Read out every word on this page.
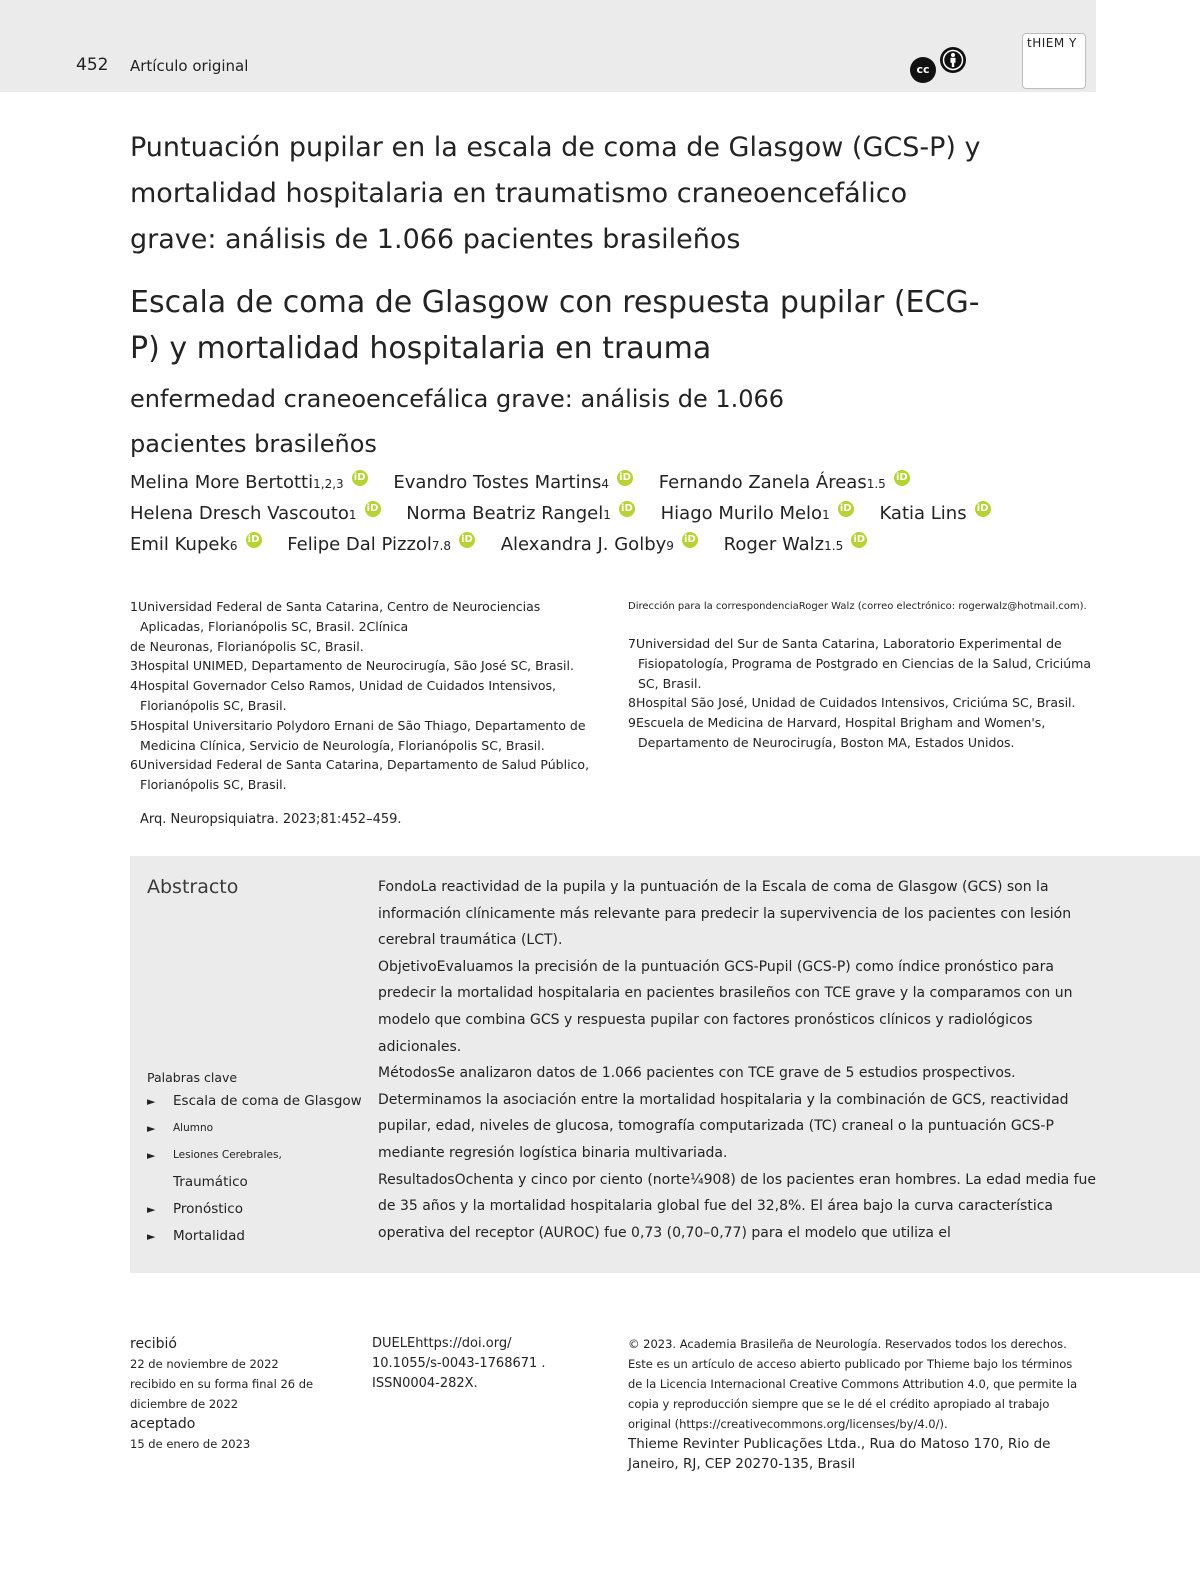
452 Artículo original	cc
tHIEM Y
Puntuación pupilar en la escala de coma de Glasgow (GCS-P) y mortalidad hospitalaria en traumatismo craneoencefálico grave: análisis de 1.066 pacientes brasileños
Escala de coma de Glasgow con respuesta pupilar (ECG-P) y mortalidad hospitalaria en trauma
enfermedad craneoencefálica grave: análisis de 1.066 pacientes brasileños
Melina More Bertotti1,2,3 iD Evandro Tostes Martins4 iD Fernando Zanela Áreas1.5 iD
Helena Dresch Vascouto1 iD Norma Beatriz Rangel1 iD Hiago Murilo Melo1 iD Katia Lins iD
Emil Kupek6 iD Felipe Dal Pizzol7.8 iD Alexandra J. Golby9 iD Roger Walz1.5 iD
1Universidad Federal de Santa Catarina, Centro de Neurociencias Aplicadas, Florianópolis SC, Brasil. 2Clínica
de Neuronas, Florianópolis SC, Brasil.
3Hospital UNIMED, Departamento de Neurocirugía, São José SC, Brasil.
4Hospital Governador Celso Ramos, Unidad de Cuidados Intensivos, Florianópolis SC, Brasil.
5Hospital Universitario Polydoro Ernani de São Thiago, Departamento de Medicina Clínica, Servicio de Neurología, Florianópolis SC, Brasil.
6Universidad Federal de Santa Catarina, Departamento de Salud Público, Florianópolis SC, Brasil.
Dirección para la correspondenciaRoger Walz (correo electrónico: rogerwalz@hotmail.com).
7Universidad del Sur de Santa Catarina, Laboratorio Experimental de Fisiopatología, Programa de Postgrado en Ciencias de la Salud, Criciúma SC, Brasil.
8Hospital São José, Unidad de Cuidados Intensivos, Criciúma SC, Brasil.
9Escuela de Medicina de Harvard, Hospital Brigham and Women's, Departamento de Neurocirugía, Boston MA, Estados Unidos.
Arq. Neuropsiquiatra. 2023;81:452–459.
Abstracto	FondoLa reactividad de la pupila y la puntuación de la Escala de coma de Glasgow (GCS) son la información clínicamente más relevante para predecir la supervivencia de los pacientes con lesión cerebral traumática (LCT).

ObjetivoEvaluamos la precisión de la puntuación GCS-Pupil (GCS-P) como índice pronóstico para predecir la mortalidad hospitalaria en pacientes brasileños con TCE grave y la comparamos con un modelo que combina GCS y respuesta pupilar con factores pronósticos clínicos y radiológicos adicionales.

MétodosSe analizaron datos de 1.066 pacientes con TCE grave de 5 estudios prospectivos. Determinamos la asociación entre la mortalidad hospitalaria y la combinación de GCS, reactividad pupilar, edad, niveles de glucosa, tomografía computarizada (TC) craneal o la puntuación GCS-P mediante regresión logística binaria multivariada.

ResultadosOchenta y cinco por ciento (norte¼908) de los pacientes eran hombres. La edad media fue de 35 años y la mortalidad hospitalaria global fue del 32,8%. El área bajo la curva característica operativa del receptor (AUROC) fue 0,73 (0,70–0,77) para el modelo que utiliza el

Palabras clave
► Escala de coma de Glasgow
► Alumno
► Lesiones Cerebrales,
Traumático
► Pronóstico
► Mortalidad
recibió
22 de noviembre de 2022
recibido en su forma final 26 de diciembre de 2022
aceptado
15 de enero de 2023
DUELEhttps://doi.org/
10.1055/s-0043-1768671 .
ISSN0004-282X.
© 2023. Academia Brasileña de Neurología. Reservados todos los derechos.
Este es un artículo de acceso abierto publicado por Thieme bajo los términos de la Licencia Internacional Creative Commons Attribution 4.0, que permite la copia y reproducción siempre que se le dé el crédito apropiado al trabajo original (https://creativecommons.org/licenses/by/4.0/).
Thieme Revinter Publicações Ltda., Rua do Matoso 170, Rio de Janeiro, RJ, CEP 20270-135, Brasil
